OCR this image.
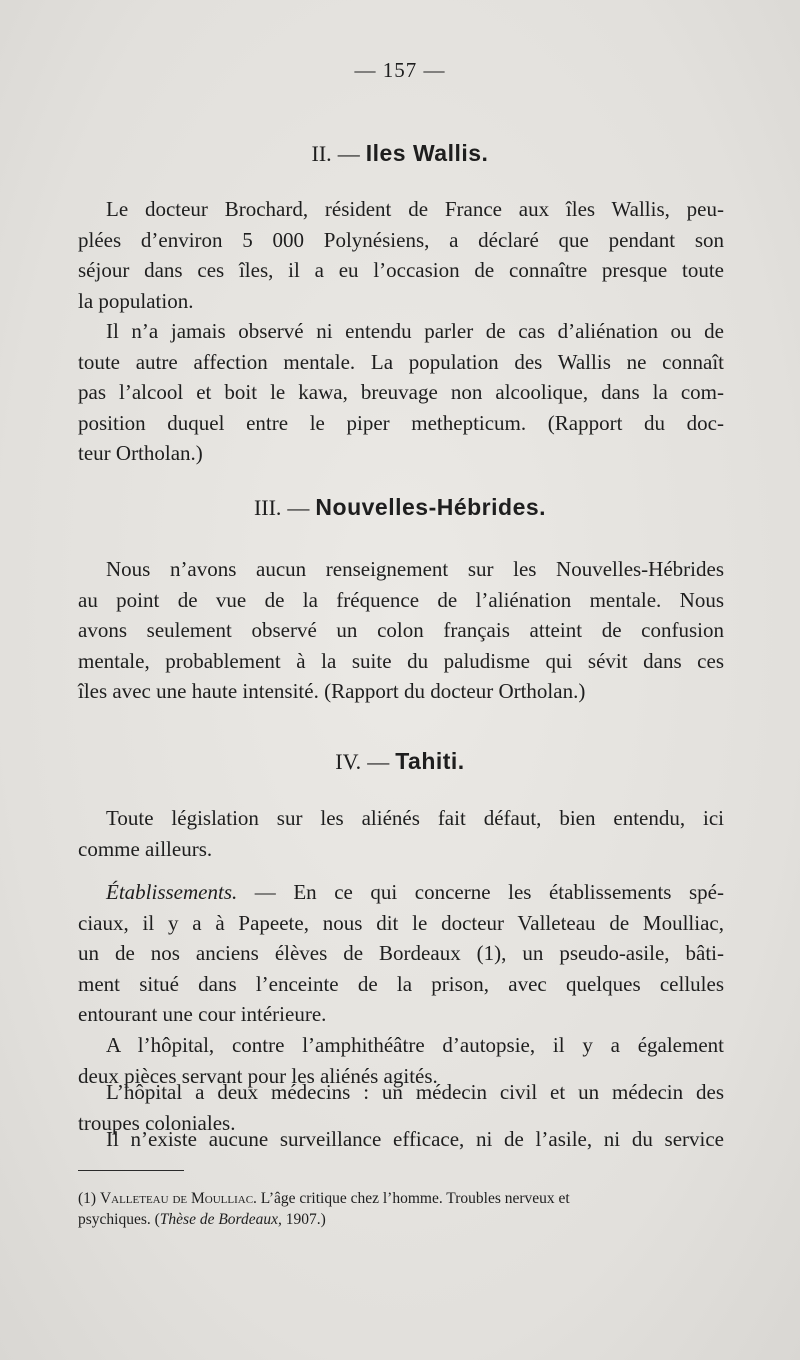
— 157 —
II. — Iles Wallis.

Le docteur Brochard, résident de France aux îles Wallis, peu-
plées d’environ 5 000 Polynésiens, a déclaré que pendant son
séjour dans ces îles, il a eu l’occasion de connaître presque toute
la population.

Il n’a jamais observé ni entendu parler de cas d’aliénation ou de
toute autre affection mentale. La population des Wallis ne connaît
pas l’alcool et boit le kawa, breuvage non alcoolique, dans la com-
position duquel entre le piper methepticum. (Rapport du doc-
teur Ortholan.)

III. — Nouvelles-Hébrides.

Nous n’avons aucun renseignement sur les Nouvelles-Hébrides
au point de vue de la fréquence de l’aliénation mentale. Nous
avons seulement observé un colon français atteint de confusion
mentale, probablement à la suite du paludisme qui sévit dans ces
îles avec une haute intensité. (Rapport du docteur Ortholan.)

IV. — Tahiti.

Toute législation sur les aliénés fait défaut, bien entendu, ici
comme ailleurs.

Établissements. — En ce qui concerne les établissements spé-
ciaux, il y a à Papeete, nous dit le docteur Valleteau de Moulliac,
un de nos anciens élèves de Bordeaux (1), un pseudo-asile, bâti-
ment situé dans l’enceinte de la prison, avec quelques cellules
entourant une cour intérieure.

A l’hôpital, contre l’amphithéâtre d’autopsie, il y a également
deux pièces servant pour les aliénés agités.

L’hôpital a deux médecins : un médecin civil et un médecin des
troupes coloniales.

Il n’existe aucune surveillance efficace, ni de l’asile, ni du service

(1) Valleteau de Moulliac. L’âge critique chez l’homme. Troubles nerveux et
psychiques. (Thèse de Bordeaux, 1907.)
